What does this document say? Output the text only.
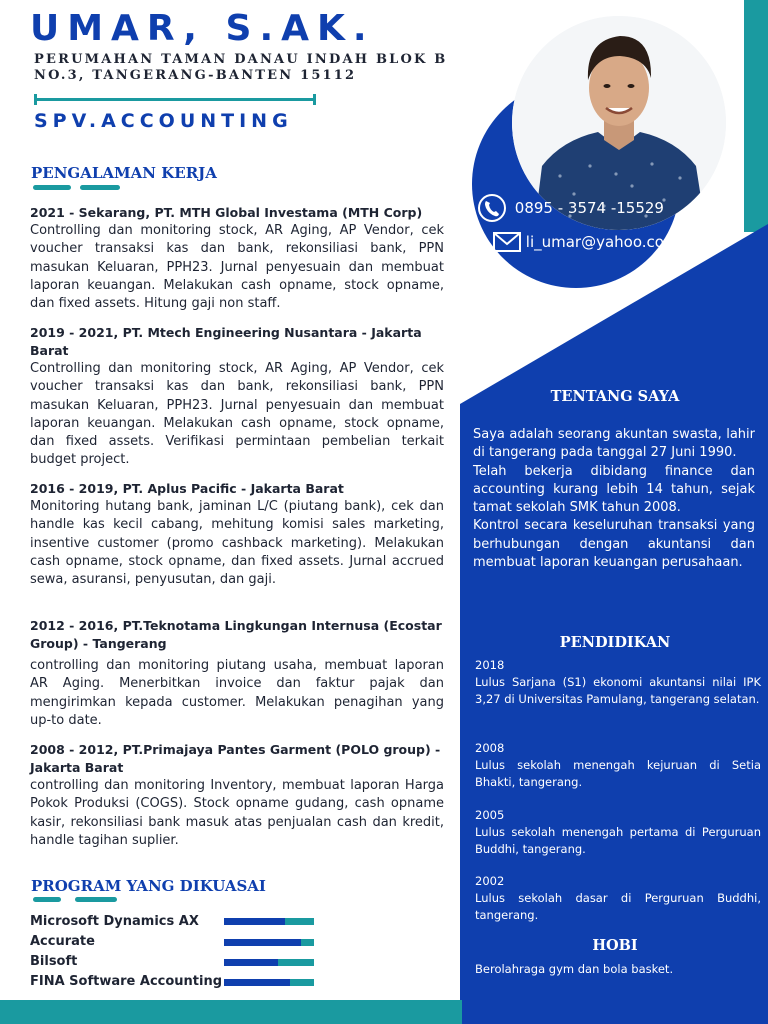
UMAR, S.AK.
PERUMAHAN TAMAN DANAU INDAH BLOK B
NO.3, TANGERANG-BANTEN 15112
SPV.ACCOUNTING
0895 - 3574 -15529
li_umar@yahoo.com
PENGALAMAN KERJA
2021 - Sekarang, PT. MTH Global Investama (MTH Corp)
Controlling dan monitoring stock, AR Aging, AP Vendor, cek voucher transaksi kas dan bank, rekonsiliasi bank, PPN masukan Keluaran, PPH23. Jurnal penyesuain dan membuat laporan keuangan. Melakukan cash opname, stock opname, dan fixed assets. Hitung gaji non staff.
2019 - 2021, PT. Mtech Engineering Nusantara - Jakarta Barat
Controlling dan monitoring stock, AR Aging, AP Vendor, cek voucher transaksi kas dan bank, rekonsiliasi bank, PPN masukan Keluaran, PPH23. Jurnal penyesuain dan membuat laporan keuangan. Melakukan cash opname, stock opname, dan fixed assets. Verifikasi permintaan pembelian terkait budget project.
2016 - 2019, PT. Aplus Pacific - Jakarta Barat
Monitoring hutang bank, jaminan L/C (piutang bank), cek dan handle kas kecil cabang, mehitung komisi sales marketing, insentive customer (promo cashback marketing). Melakukan cash opname, stock opname, dan fixed assets. Jurnal accrued sewa, asuransi, penyusutan, dan gaji.
2012 - 2016, PT.Teknotama Lingkungan Internusa (Ecostar Group) - Tangerang
controlling dan monitoring piutang usaha, membuat laporan AR Aging. Menerbitkan invoice dan faktur pajak dan mengirimkan kepada customer. Melakukan penagihan yang up-to date.
2008 - 2012, PT.Primajaya Pantes Garment (POLO group) - Jakarta Barat
controlling dan monitoring Inventory, membuat laporan Harga Pokok Produksi (COGS). Stock opname gudang, cash opname kasir, rekonsiliasi bank masuk atas penjualan cash dan kredit, handle tagihan suplier.
PROGRAM YANG DIKUASAI
Microsoft Dynamics AX
Accurate
Bilsoft
FINA Software Accounting
TENTANG SAYA

Saya adalah seorang akuntan swasta, lahir di tangerang pada tanggal 27 Juni 1990.

Telah bekerja dibidang finance dan accounting kurang lebih 14 tahun, sejak tamat sekolah SMK tahun 2008.

Kontrol secara keseluruhan transaksi yang berhubungan dengan akuntansi dan membuat laporan keuangan perusahaan.

PENDIDIKAN
2018
Lulus Sarjana (S1) ekonomi akuntansi nilai IPK 3,27 di Universitas Pamulang, tangerang selatan.
2008
Lulus sekolah menengah kejuruan di Setia Bhakti, tangerang.
2005
Lulus sekolah menengah pertama di Perguruan Buddhi, tangerang.
2002
Lulus sekolah dasar di Perguruan Buddhi, tangerang.
HOBI
Berolahraga gym dan bola basket.
